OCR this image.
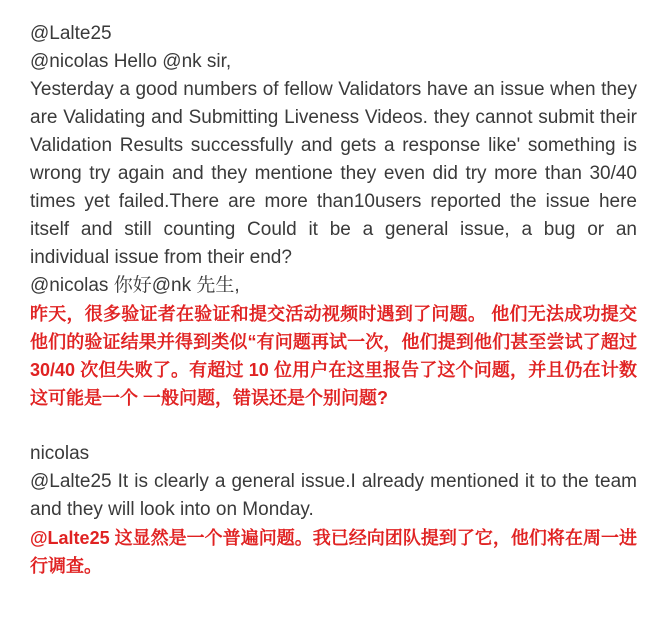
@Lalte25
@nicolas Hello @nk sir,

Yesterday a good numbers of fellow Validators have an issue when they are Validating and Submitting Liveness Videos. they cannot submit their Validation Results successfully and gets a response like' something is wrong try again and they mentione they even did try more than 30/40 times yet failed.There are more than10users reported the issue here itself and still counting Could it be a general issue, a bug or an individual issue from their end?

@nicolas 你好@nk 先生,

昨天，很多验证者在验证和提交活动视频时遇到了问题。 他们无法成功提交他们的验证结果并得到类似“有问题再试一次，他们提到他们甚至尝试了超过 30/40 次但失败了。有超过 10 位用户在这里报告了这个问题，并且仍在计数这可能是一个 一般问题，错误还是个别问题?

nicolas

@Lalte25 It is clearly a general issue.I already mentioned it to the team and they will look into on Monday.

@Lalte25 这显然是一个普遍问题。我已经向团队提到了它，他们将在周一进行调查。
